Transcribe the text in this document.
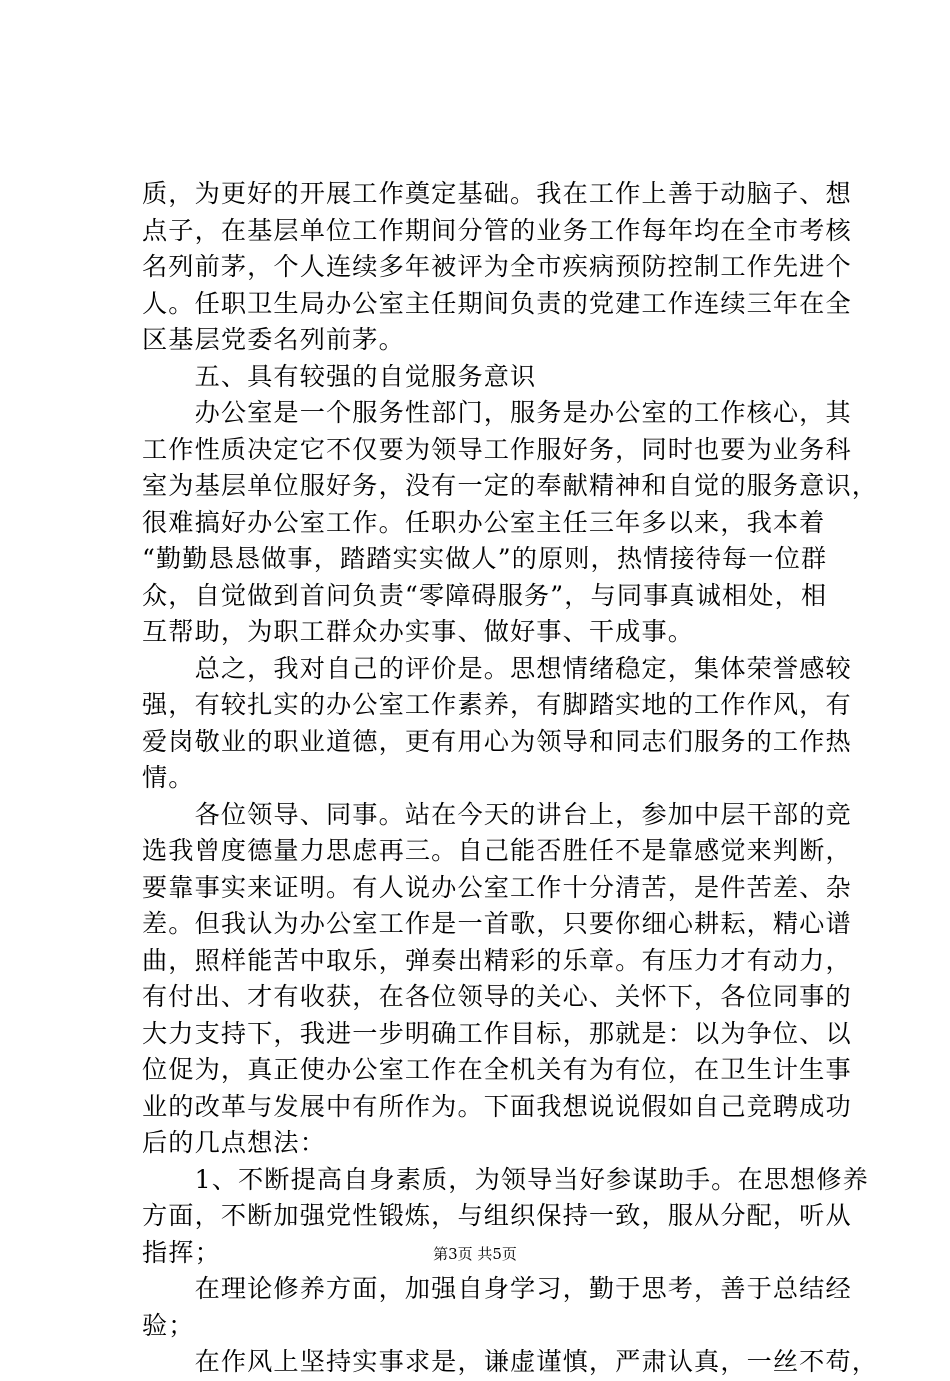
质，为更好的开展工作奠定基础。我在工作上善于动脑子、想
点子，在基层单位工作期间分管的业务工作每年均在全市考核
名列前茅，个人连续多年被评为全市疾病预防控制工作先进个
人。任职卫生局办公室主任期间负责的党建工作连续三年在全
区基层党委名列前茅。
　　五、具有较强的自觉服务意识
　　办公室是一个服务性部门，服务是办公室的工作核心，其
工作性质决定它不仅要为领导工作服好务，同时也要为业务科
室为基层单位服好务，没有一定的奉献精神和自觉的服务意识，
很难搞好办公室工作。任职办公室主任三年多以来，我本着
“勤勤恳恳做事，踏踏实实做人”的原则，热情接待每一位群
众，自觉做到首问负责“零障碍服务”，与同事真诚相处，相
互帮助，为职工群众办实事、做好事、干成事。
　　总之，我对自己的评价是。思想情绪稳定，集体荣誉感较
强，有较扎实的办公室工作素养，有脚踏实地的工作作风，有
爱岗敬业的职业道德，更有用心为领导和同志们服务的工作热
情。
　　各位领导、同事。站在今天的讲台上，参加中层干部的竞
选我曾度德量力思虑再三。自己能否胜任不是靠感觉来判断，
要靠事实来证明。有人说办公室工作十分清苦，是件苦差、杂
差。但我认为办公室工作是一首歌，只要你细心耕耘，精心谱
曲，照样能苦中取乐，弹奏出精彩的乐章。有压力才有动力，
有付出、才有收获，在各位领导的关心、关怀下，各位同事的
大力支持下，我进一步明确工作目标，那就是：以为争位、以
位促为，真正使办公室工作在全机关有为有位，在卫生计生事
业的改革与发展中有所作为。下面我想说说假如自己竞聘成功
后的几点想法：
　　1、不断提高自身素质，为领导当好参谋助手。在思想修养
方面，不断加强党性锻炼，与组织保持一致，服从分配，听从
指挥；
　　在理论修养方面，加强自身学习，勤于思考，善于总结经
验；
　　在作风上坚持实事求是，谦虚谨慎，严肃认真，一丝不苟，
第3页 共5页
